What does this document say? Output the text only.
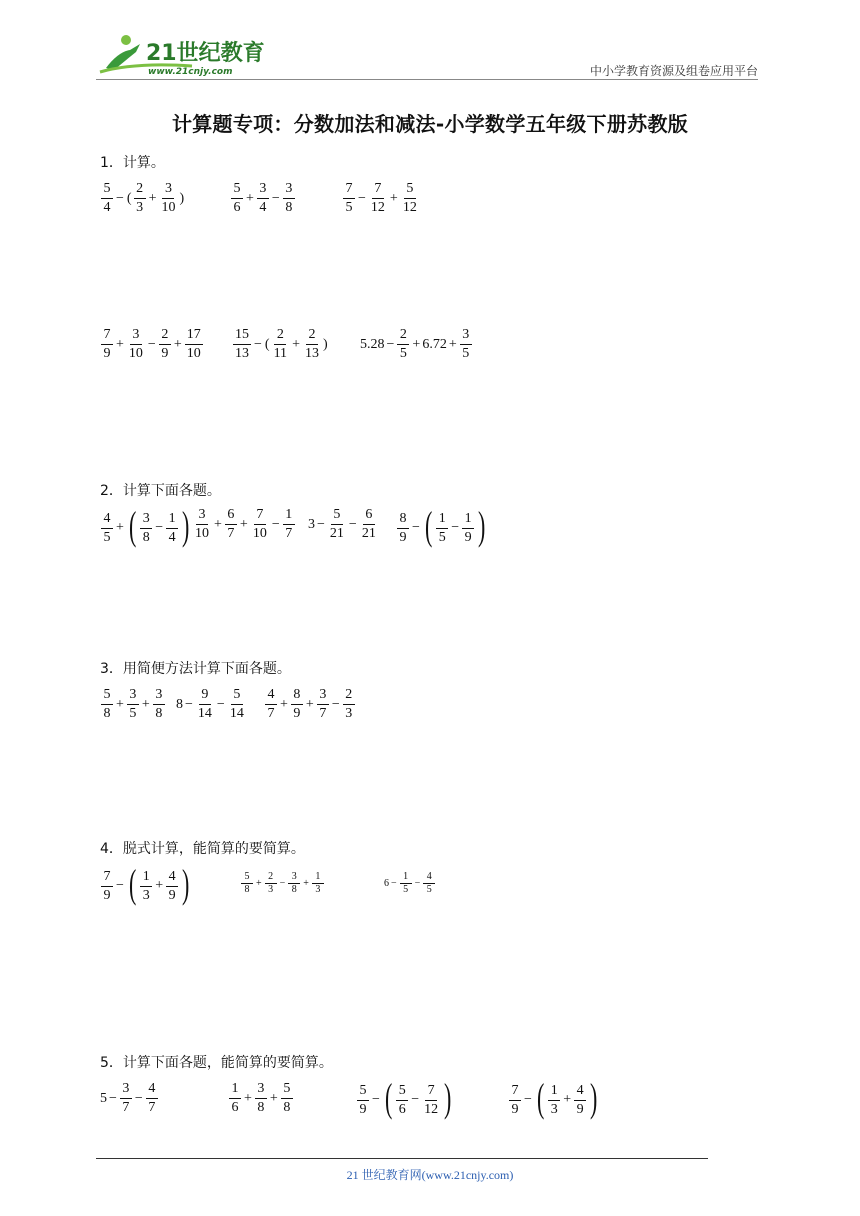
21世纪教育
www.21cnjy.com	中小学教育资源及组卷应用平台
计算题专项：分数加法和减法-小学数学五年级下册苏教版
1．计算。
$\frac{5}{4}$ − ( $\frac{2}{3} + \frac{3}{10}$ )	$\frac{5}{6} + \frac{3}{4} - \frac{3}{8}$	$\frac{7}{5} - \frac{7}{12} + \frac{5}{12}$
$\frac{7}{9} + \frac{3}{10} - \frac{2}{9} + \frac{17}{10} \frac{15}{13}$ − ( $\frac{2}{11} + \frac{2}{13}$ ) $5.28 - \frac{2}{5} + 6.72 + \frac{3}{5}$
2．计算下面各题。
$\frac{4}{5}$ + ( $\frac{3}{8} - \frac{1}{4}$ ) $\frac{3}{10} + \frac{6}{7} + \frac{7}{10} - \frac{1}{7} 3 - \frac{5}{21} - \frac{6}{21} \frac{8}{9}$ − ( $\frac{1}{5} - \frac{1}{9}$ )
3．用简便方法计算下面各题。
$\frac{5}{8} + \frac{3}{5} + \frac{3}{8} 8 - \frac{9}{14} - \frac{5}{14} \frac{4}{7} + \frac{8}{9} + \frac{3}{7} - \frac{2}{3}$
4．脱式计算，能简算的要简算。
$\frac{7}{9}$ − ( $\frac{1}{3} + \frac{4}{9}$ )	$\frac{5}{8} + \frac{2}{3} - \frac{3}{8} + \frac{1}{3}$	$6 - \frac{1}{5} - \frac{4}{5}$
5．计算下面各题，能简算的要简算。
$5 - \frac{3}{7} - \frac{4}{7}$	$\frac{1}{6} + \frac{3}{8} + \frac{5}{8}$	$\frac{5}{9}$ − ( $\frac{5}{6} - \frac{7}{12}$ )	$\frac{7}{9}$ − ( $\frac{1}{3} + \frac{4}{9}$ )
21 世纪教育网(www.21cnjy.com)
